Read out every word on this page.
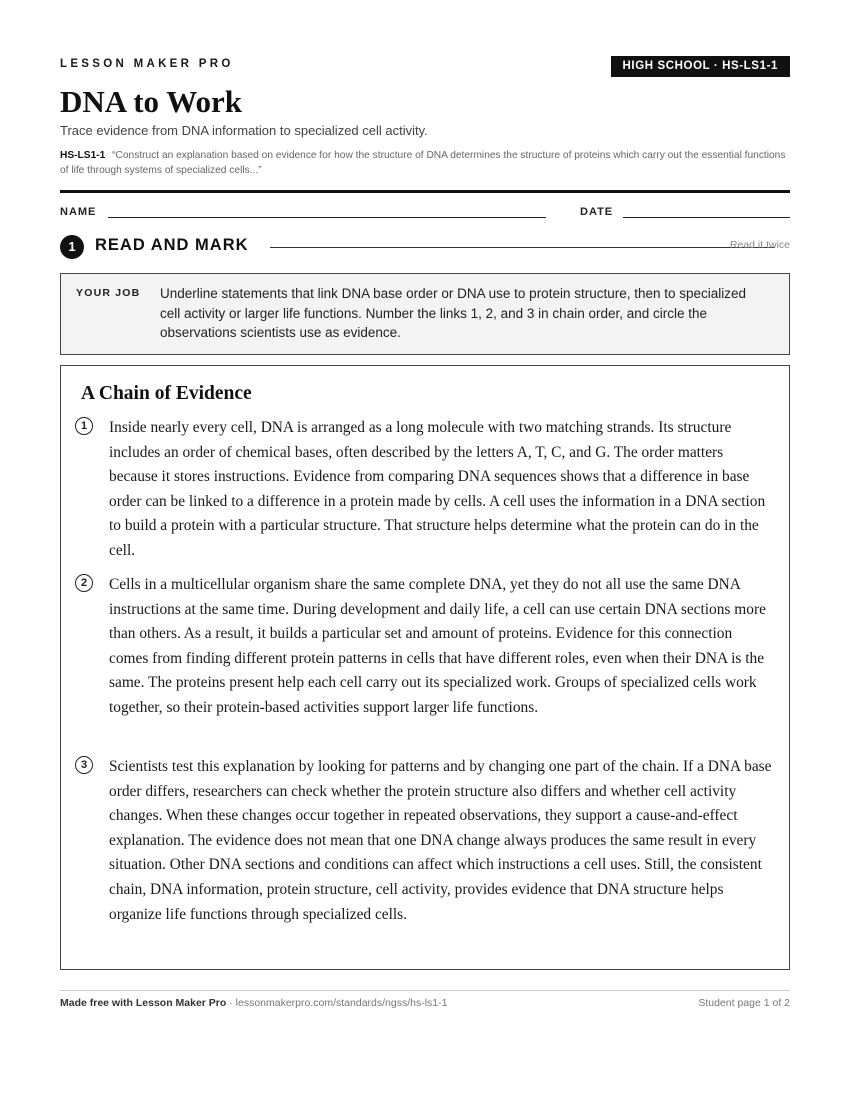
LESSON MAKER PRO	HIGH SCHOOL · HS-LS1-1
DNA to Work
Trace evidence from DNA information to specialized cell activity.
HS-LS1-1 “Construct an explanation based on evidence for how the structure of DNA determines the structure of proteins which carry out the essential functions of life through systems of specialized cells...”
NAME	DATE
1	READ AND MARK	Read it twice
YOUR JOB Underline statements that link DNA base order or DNA use to protein structure, then to specialized cell activity or larger life functions. Number the links 1, 2, and 3 in chain order, and circle the observations scientists use as evidence.
A Chain of Evidence
1	Inside nearly every cell, DNA is arranged as a long molecule with two matching strands. Its structure includes an order of chemical bases, often described by the letters A, T, C, and G. The order matters because it stores instructions. Evidence from comparing DNA sequences shows that a difference in base order can be linked to a difference in a protein made by cells. A cell uses the information in a DNA section to build a protein with a particular structure. That structure helps determine what the protein can do in the cell.

2	Cells in a multicellular organism share the same complete DNA, yet they do not all use the same DNA instructions at the same time. During development and daily life, a cell can use certain DNA sections more than others. As a result, it builds a particular set and amount of proteins. Evidence for this connection comes from finding different protein patterns in cells that have different roles, even when their DNA is the same. The proteins present help each cell carry out its specialized work. Groups of specialized cells work together, so their protein-based activities support larger life functions.

3	Scientists test this explanation by looking for patterns and by changing one part of the chain. If a DNA base order differs, researchers can check whether the protein structure also differs and whether cell activity changes. When these changes occur together in repeated observations, they support a cause-and-effect explanation. The evidence does not mean that one DNA change always produces the same result in every situation. Other DNA sections and conditions can affect which instructions a cell uses. Still, the consistent chain, DNA information, protein structure, cell activity, provides evidence that DNA structure helps organize life functions through specialized cells.

Made free with Lesson Maker Pro · lessonmakerpro.com/standards/ngss/hs-ls1-1	Student page 1 of 2
